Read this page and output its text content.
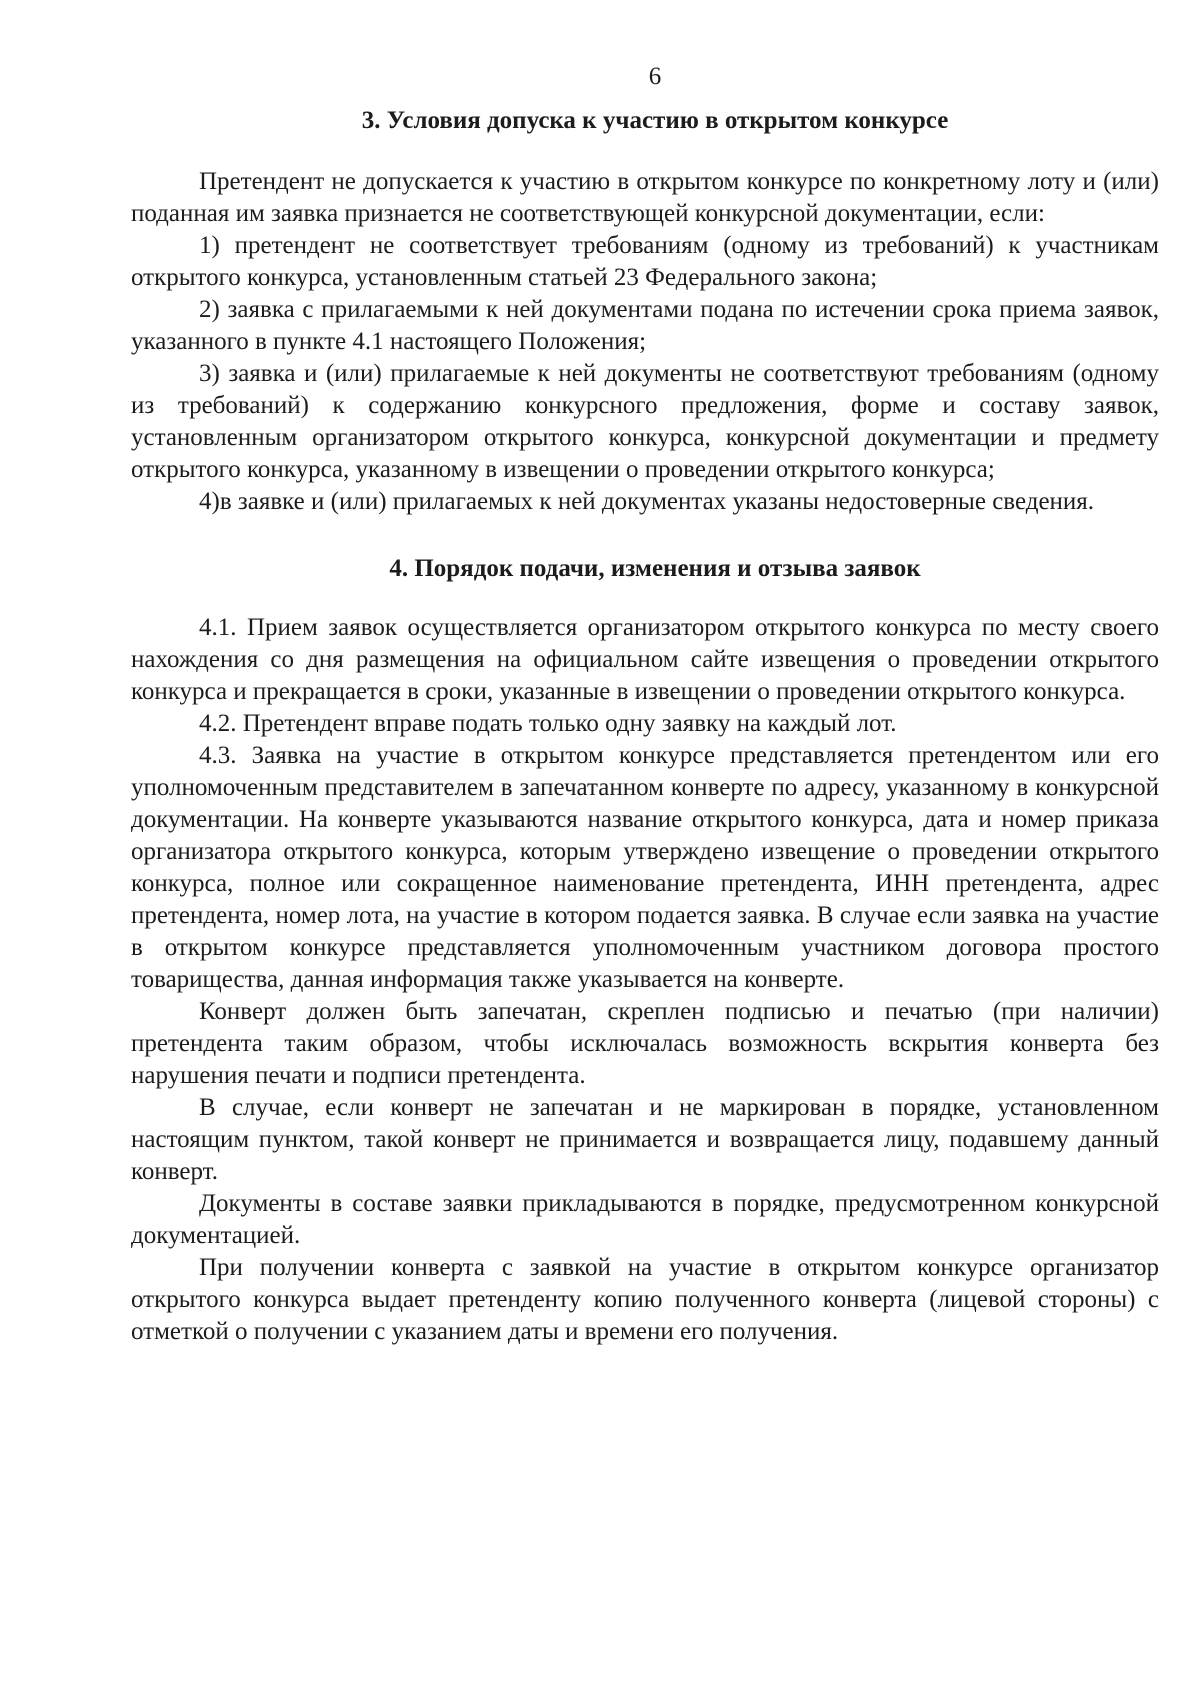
6
3. Условия допуска к участию в открытом конкурсе

Претендент не допускается к участию в открытом конкурсе по конкретному лоту и (или) поданная им заявка признается не соответствующей конкурсной документации, если:

1) претендент не соответствует требованиям (одному из требований) к участникам открытого конкурса, установленным статьей 23 Федерального закона;

2) заявка с прилагаемыми к ней документами подана по истечении срока приема заявок, указанного в пункте 4.1 настоящего Положения;

3) заявка и (или) прилагаемые к ней документы не соответствуют требованиям (одному из требований) к содержанию конкурсного предложения, форме и составу заявок, установленным организатором открытого конкурса, конкурсной документации и предмету открытого конкурса, указанному в извещении о проведении открытого конкурса;

4)в заявке и (или) прилагаемых к ней документах указаны недостоверные сведения.

4. Порядок подачи, изменения и отзыва заявок

4.1. Прием заявок осуществляется организатором открытого конкурса по месту своего нахождения со дня размещения на официальном сайте извещения о проведении открытого конкурса и прекращается в сроки, указанные в извещении о проведении открытого конкурса.

4.2. Претендент вправе подать только одну заявку на каждый лот.

4.3. Заявка на участие в открытом конкурсе представляется претендентом или его уполномоченным представителем в запечатанном конверте по адресу, указанному в конкурсной документации. На конверте указываются название открытого конкурса, дата и номер приказа организатора открытого конкурса, которым утверждено извещение о проведении открытого конкурса, полное или сокращенное наименование претендента, ИНН претендента, адрес претендента, номер лота, на участие в котором подается заявка. В случае если заявка на участие в открытом конкурсе представляется уполномоченным участником договора простого товарищества, данная информация также указывается на конверте.

Конверт должен быть запечатан, скреплен подписью и печатью (при наличии) претендента таким образом, чтобы исключалась возможность вскрытия конверта без нарушения печати и подписи претендента.

В случае, если конверт не запечатан и не маркирован в порядке, установленном настоящим пунктом, такой конверт не принимается и возвращается лицу, подавшему данный конверт.

Документы в составе заявки прикладываются в порядке, предусмотренном конкурсной документацией.

При получении конверта с заявкой на участие в открытом конкурсе организатор открытого конкурса выдает претенденту копию полученного конверта (лицевой стороны) с отметкой о получении с указанием даты и времени его получения.
